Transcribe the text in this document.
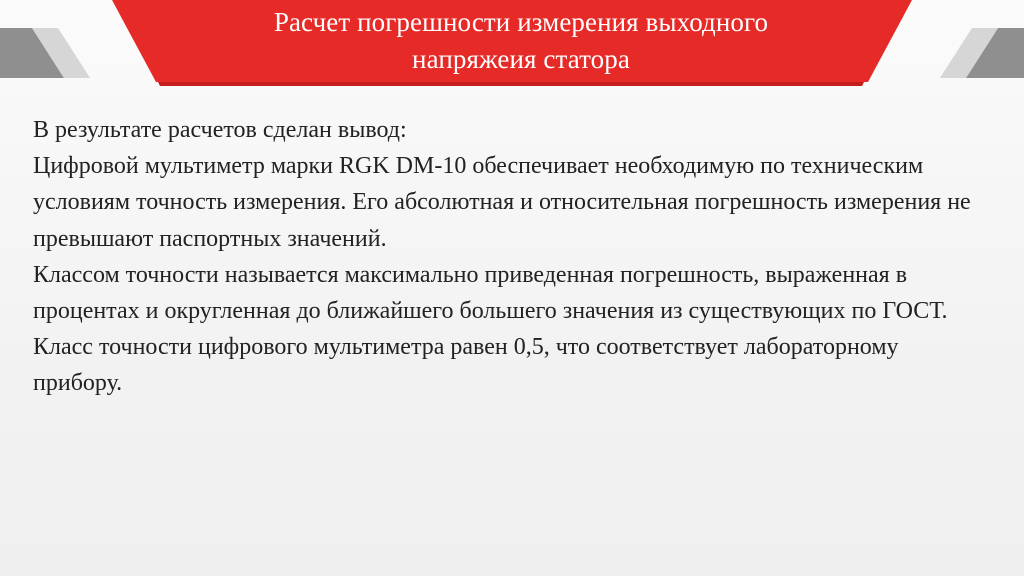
Расчет погрешности измерения выходного
напряжеия статора

В результате расчетов сделан вывод:

Цифровой мультиметр марки RGK DM-10 обеспечивает необходимую по техническим условиям точность измерения. Его абсолютная и относительная погрешность измерения не превышают паспортных значений.

Классом точности называется максимально приведенная погрешность, выраженная в процентах и округленная до ближайшего большего значения из существующих по ГОСТ. Класс точности цифрового мультиметра равен 0,5, что соответствует лабораторному прибору.
